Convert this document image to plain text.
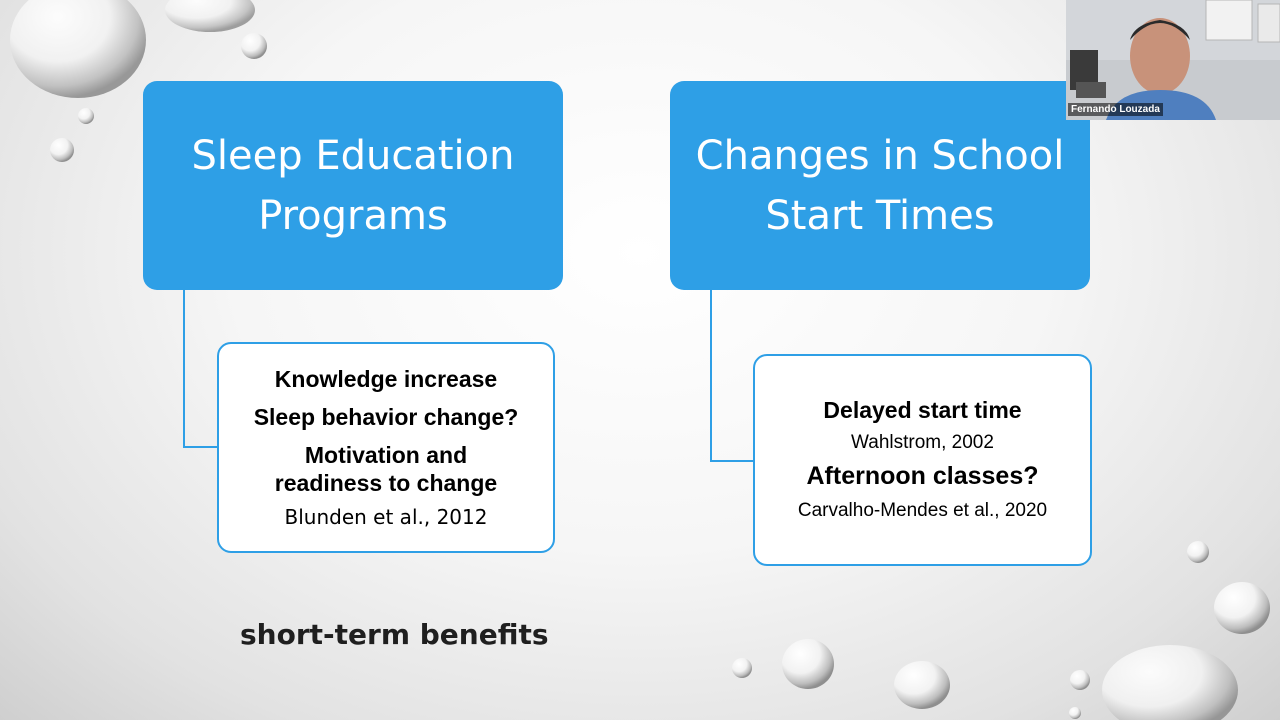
Sleep Education
Programs
Changes in School
Start Times
Knowledge increase
Sleep behavior change?
Motivation and
readiness to change
Blunden et al., 2012
Delayed start time
Wahlstrom, 2002
Afternoon classes?
Carvalho-Mendes et al., 2020
short-term benefits
Fernando Louzada
